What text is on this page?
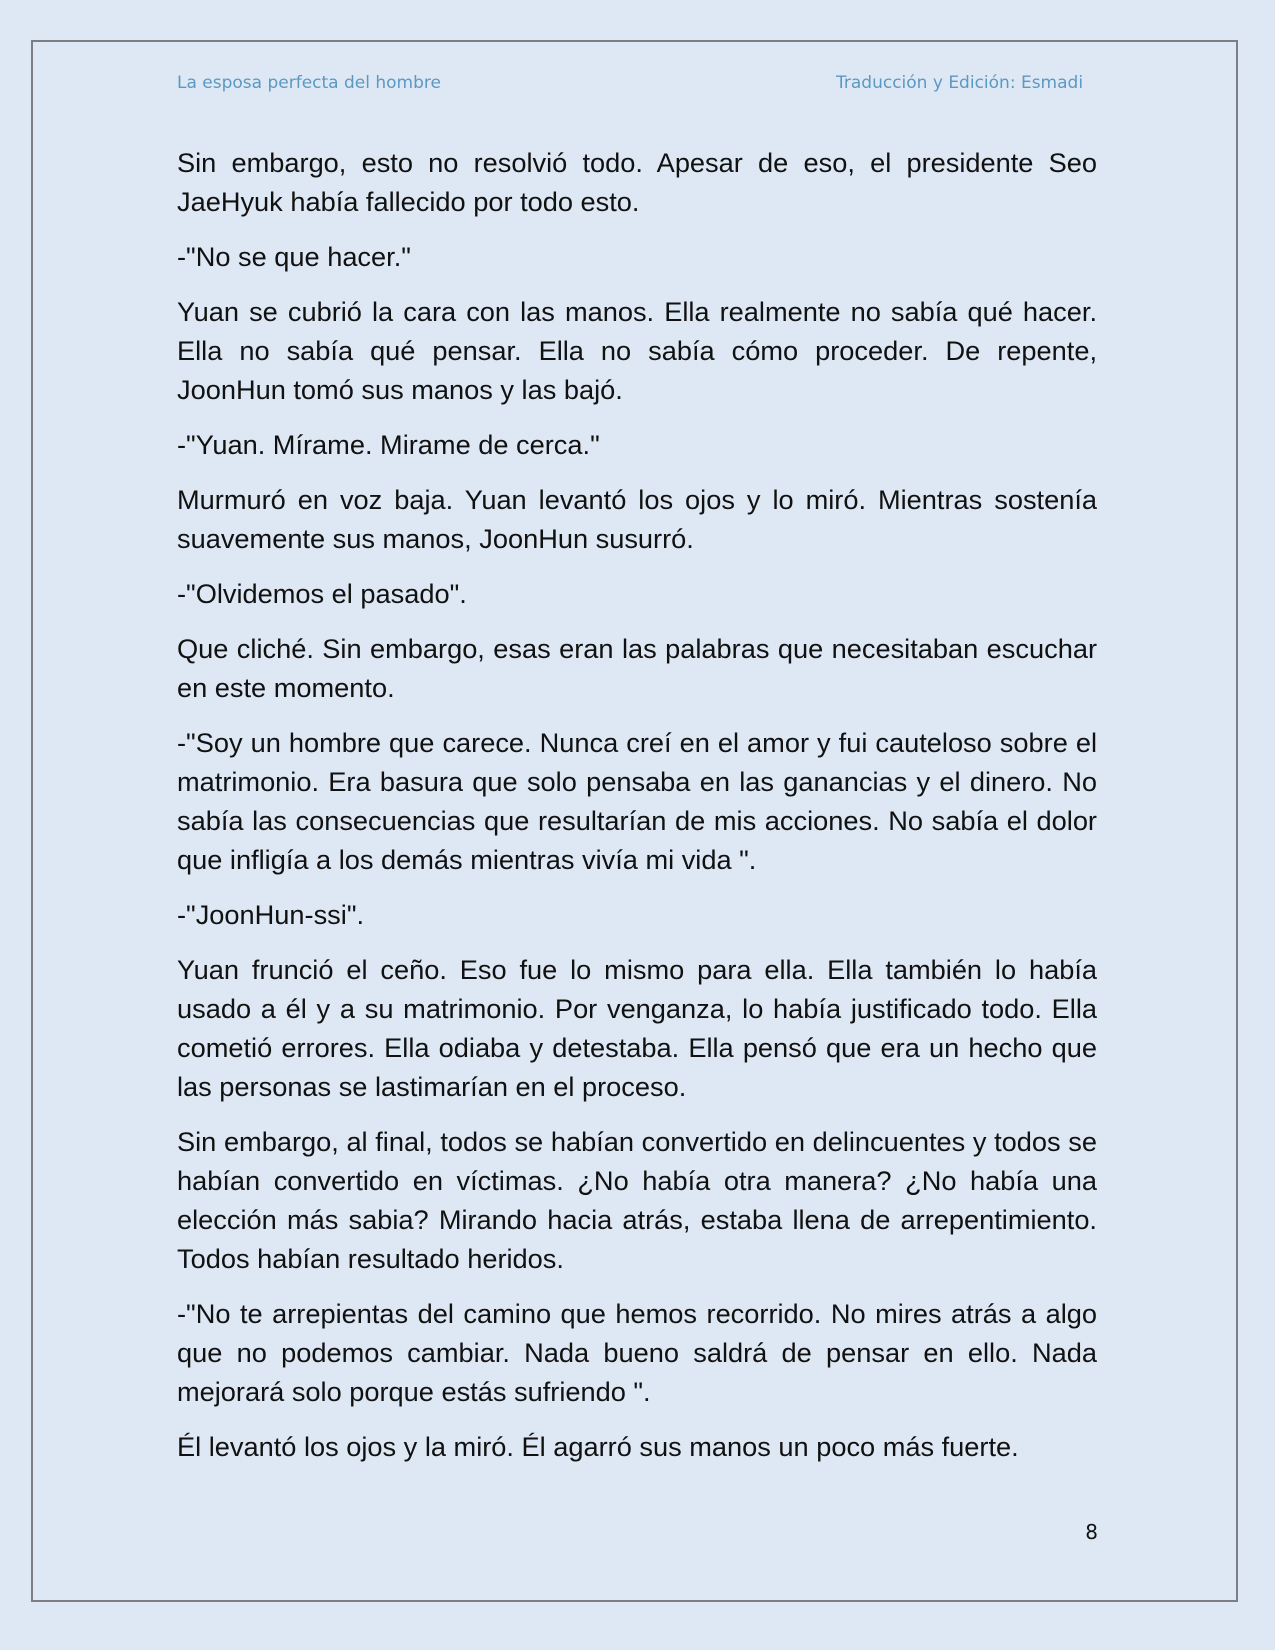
La esposa perfecta del hombre	Traducción y Edición: Esmadi

Sin embargo, esto no resolvió todo. Apesar de eso, el presidente Seo JaeHyuk había fallecido por todo esto.

-"No se que hacer."

Yuan se cubrió la cara con las manos. Ella realmente no sabía qué hacer. Ella no sabía qué pensar. Ella no sabía cómo proceder. De repente, JoonHun tomó sus manos y las bajó.

-"Yuan. Mírame. Mirame de cerca."

Murmuró en voz baja. Yuan levantó los ojos y lo miró. Mientras sostenía suavemente sus manos, JoonHun susurró.

-"Olvidemos el pasado".

Que cliché. Sin embargo, esas eran las palabras que necesitaban escuchar en este momento.

-"Soy un hombre que carece. Nunca creí en el amor y fui cauteloso sobre el matrimonio. Era basura que solo pensaba en las ganancias y el dinero. No sabía las consecuencias que resultarían de mis acciones. No sabía el dolor que infligía a los demás mientras vivía mi vida ".

-"JoonHun-ssi".

Yuan frunció el ceño. Eso fue lo mismo para ella. Ella también lo había usado a él y a su matrimonio. Por venganza, lo había justificado todo. Ella cometió errores. Ella odiaba y detestaba. Ella pensó que era un hecho que las personas se lastimarían en el proceso.

Sin embargo, al final, todos se habían convertido en delincuentes y todos se habían convertido en víctimas. ¿No había otra manera? ¿No había una elección más sabia? Mirando hacia atrás, estaba llena de arrepentimiento. Todos habían resultado heridos.

-"No te arrepientas del camino que hemos recorrido. No mires atrás a algo que no podemos cambiar. Nada bueno saldrá de pensar en ello. Nada mejorará solo porque estás sufriendo ".

Él levantó los ojos y la miró. Él agarró sus manos un poco más fuerte.

8
